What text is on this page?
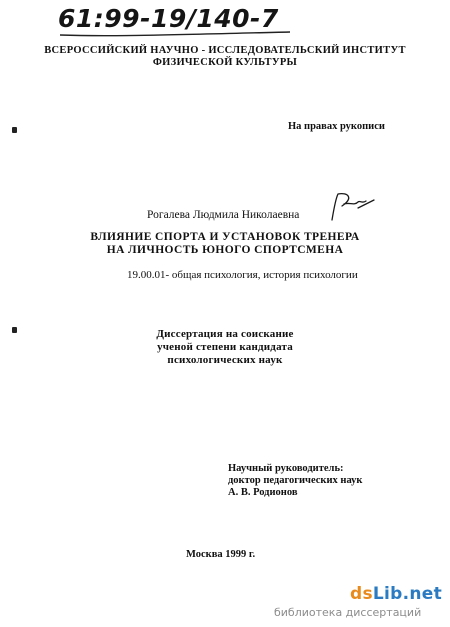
61:99-19/140-7
ВСЕРОССИЙСКИЙ НАУЧНО - ИССЛЕДОВАТЕЛЬСКИЙ ИНСТИТУТ
ФИЗИЧЕСКОЙ КУЛЬТУРЫ
На правах рукописи
Рогалева Людмила Николаевна
ВЛИЯНИЕ СПОРТА И УСТАНОВОК ТРЕНЕРА
НА ЛИЧНОСТЬ ЮНОГО СПОРТСМЕНА
19.00.01- общая психология, история психологии
Диссертация на соискание
ученой степени кандидата
психологических наук
Научный руководитель:
доктор педагогических наук
А. В. Родионов
Москва 1999 г.
dsLib.net
библиотека диссертаций
